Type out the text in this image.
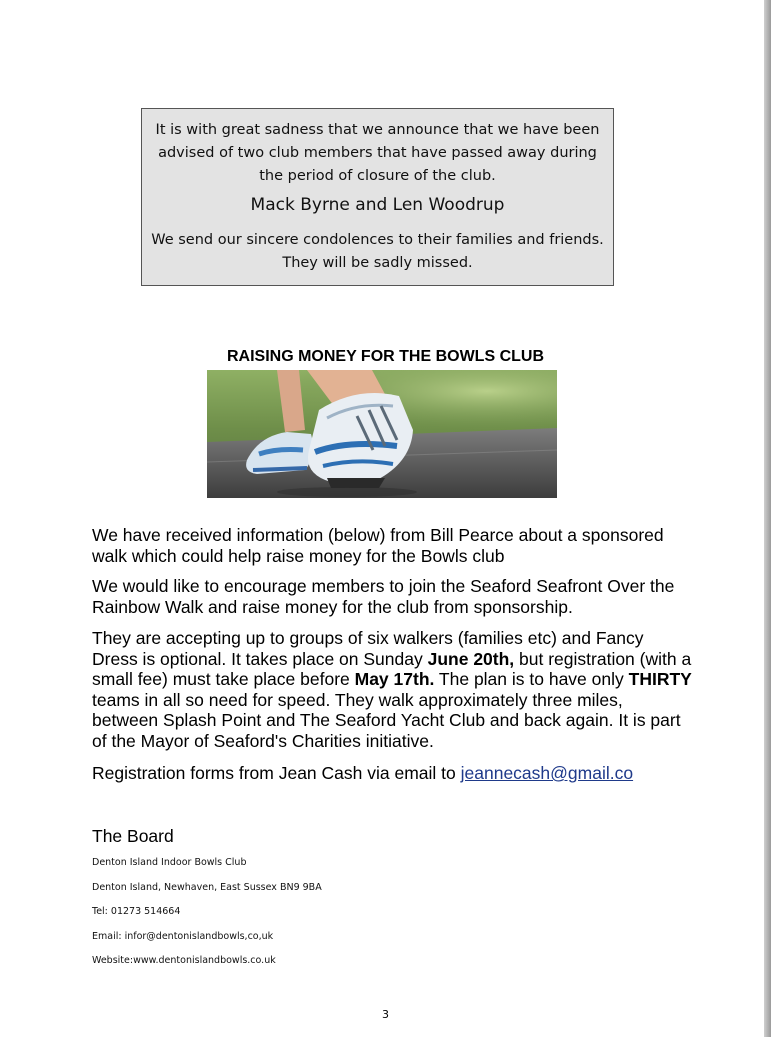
It is with great sadness that we announce that we have been advised of two club members that have passed away during the period of closure of the club.

Mack Byrne and Len Woodrup

We send our sincere condolences to their families and friends. They will be sadly missed.

RAISING MONEY FOR THE BOWLS CLUB

We have received information (below) from Bill Pearce about a sponsored walk which could help raise money for the Bowls club

We would like to encourage members to join the Seaford Seafront Over the Rainbow Walk and raise money for the club from sponsorship.

They are accepting up to groups of six walkers (families etc) and Fancy Dress is optional. It takes place on Sunday June 20th, but registration (with a small fee) must take place before May 17th. The plan is to have only THIRTY teams in all so need for speed. They walk approximately three miles, between Splash Point and The Seaford Yacht Club and back again. It is part of the Mayor of Seaford's Charities initiative.

Registration forms from Jean Cash via email to jeannecash@gmail.co

The Board

Denton Island Indoor Bowls Club

Denton Island, Newhaven, East Sussex BN9 9BA

Tel: 01273 514664

Email: infor@dentonislandbowls,co,uk

Website:www.dentonislandbowls.co.uk

3
